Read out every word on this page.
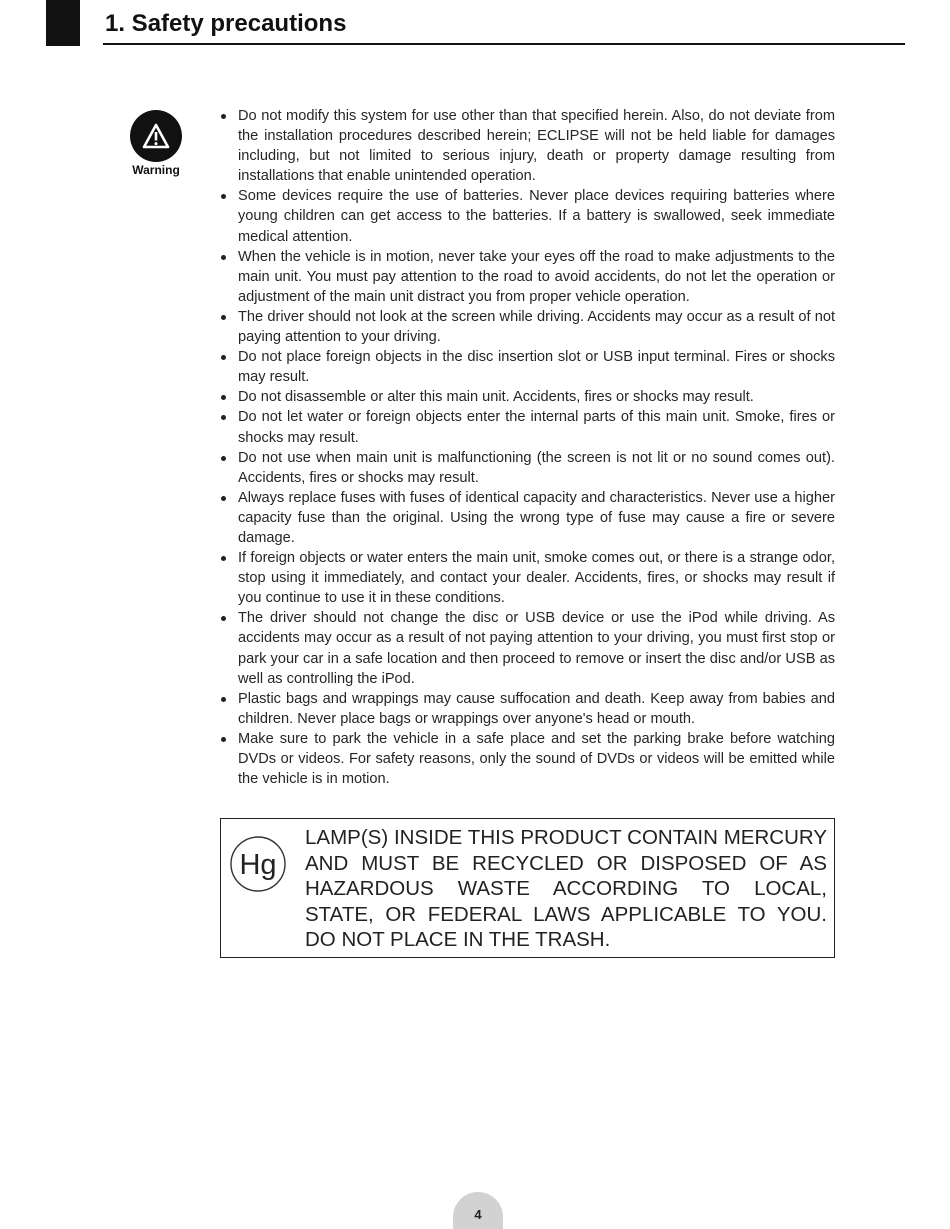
1. Safety precautions
Warning
Do not modify this system for use other than that specified herein. Also, do not deviate from the installation procedures described herein; ECLIPSE will not be held liable for damages including, but not limited to serious injury, death or property damage resulting from installations that enable unintended operation.
Some devices require the use of batteries. Never place devices requiring batteries where young children can get access to the batteries. If a battery is swallowed, seek immediate medical attention.
When the vehicle is in motion, never take your eyes off the road to make adjustments to the main unit. You must pay attention to the road to avoid accidents, do not let the operation or adjustment of the main unit distract you from proper vehicle operation.
The driver should not look at the screen while driving. Accidents may occur as a result of not paying attention to your driving.
Do not place foreign objects in the disc insertion slot or USB input terminal. Fires or shocks may result.
Do not disassemble or alter this main unit. Accidents, fires or shocks may result.
Do not let water or foreign objects enter the internal parts of this main unit. Smoke, fires or shocks may result.
Do not use when main unit is malfunctioning (the screen is not lit or no sound comes out). Accidents, fires or shocks may result.
Always replace fuses with fuses of identical capacity and characteristics. Never use a higher capacity fuse than the original. Using the wrong type of fuse may cause a fire or severe damage.
If foreign objects or water enters the main unit, smoke comes out, or there is a strange odor, stop using it immediately, and contact your dealer. Accidents, fires, or shocks may result if you continue to use it in these conditions.
The driver should not change the disc or USB device or use the iPod while driving. As accidents may occur as a result of not paying attention to your driving, you must first stop or park your car in a safe location and then proceed to remove or insert the disc and/or USB as well as controlling the iPod.
Plastic bags and wrappings may cause suffocation and death. Keep away from babies and children. Never place bags or wrappings over anyone's head or mouth.
Make sure to park the vehicle in a safe place and set the parking brake before watching DVDs or videos. For safety reasons, only the sound of DVDs or videos will be emitted while the vehicle is in motion.
Hg
LAMP(S) INSIDE THIS PRODUCT CONTAIN MERCURY AND MUST BE RECYCLED OR DISPOSED OF AS HAZARDOUS WASTE ACCORDING TO LOCAL, STATE, OR FEDERAL LAWS APPLICABLE TO YOU. DO NOT PLACE IN THE TRASH.
4
